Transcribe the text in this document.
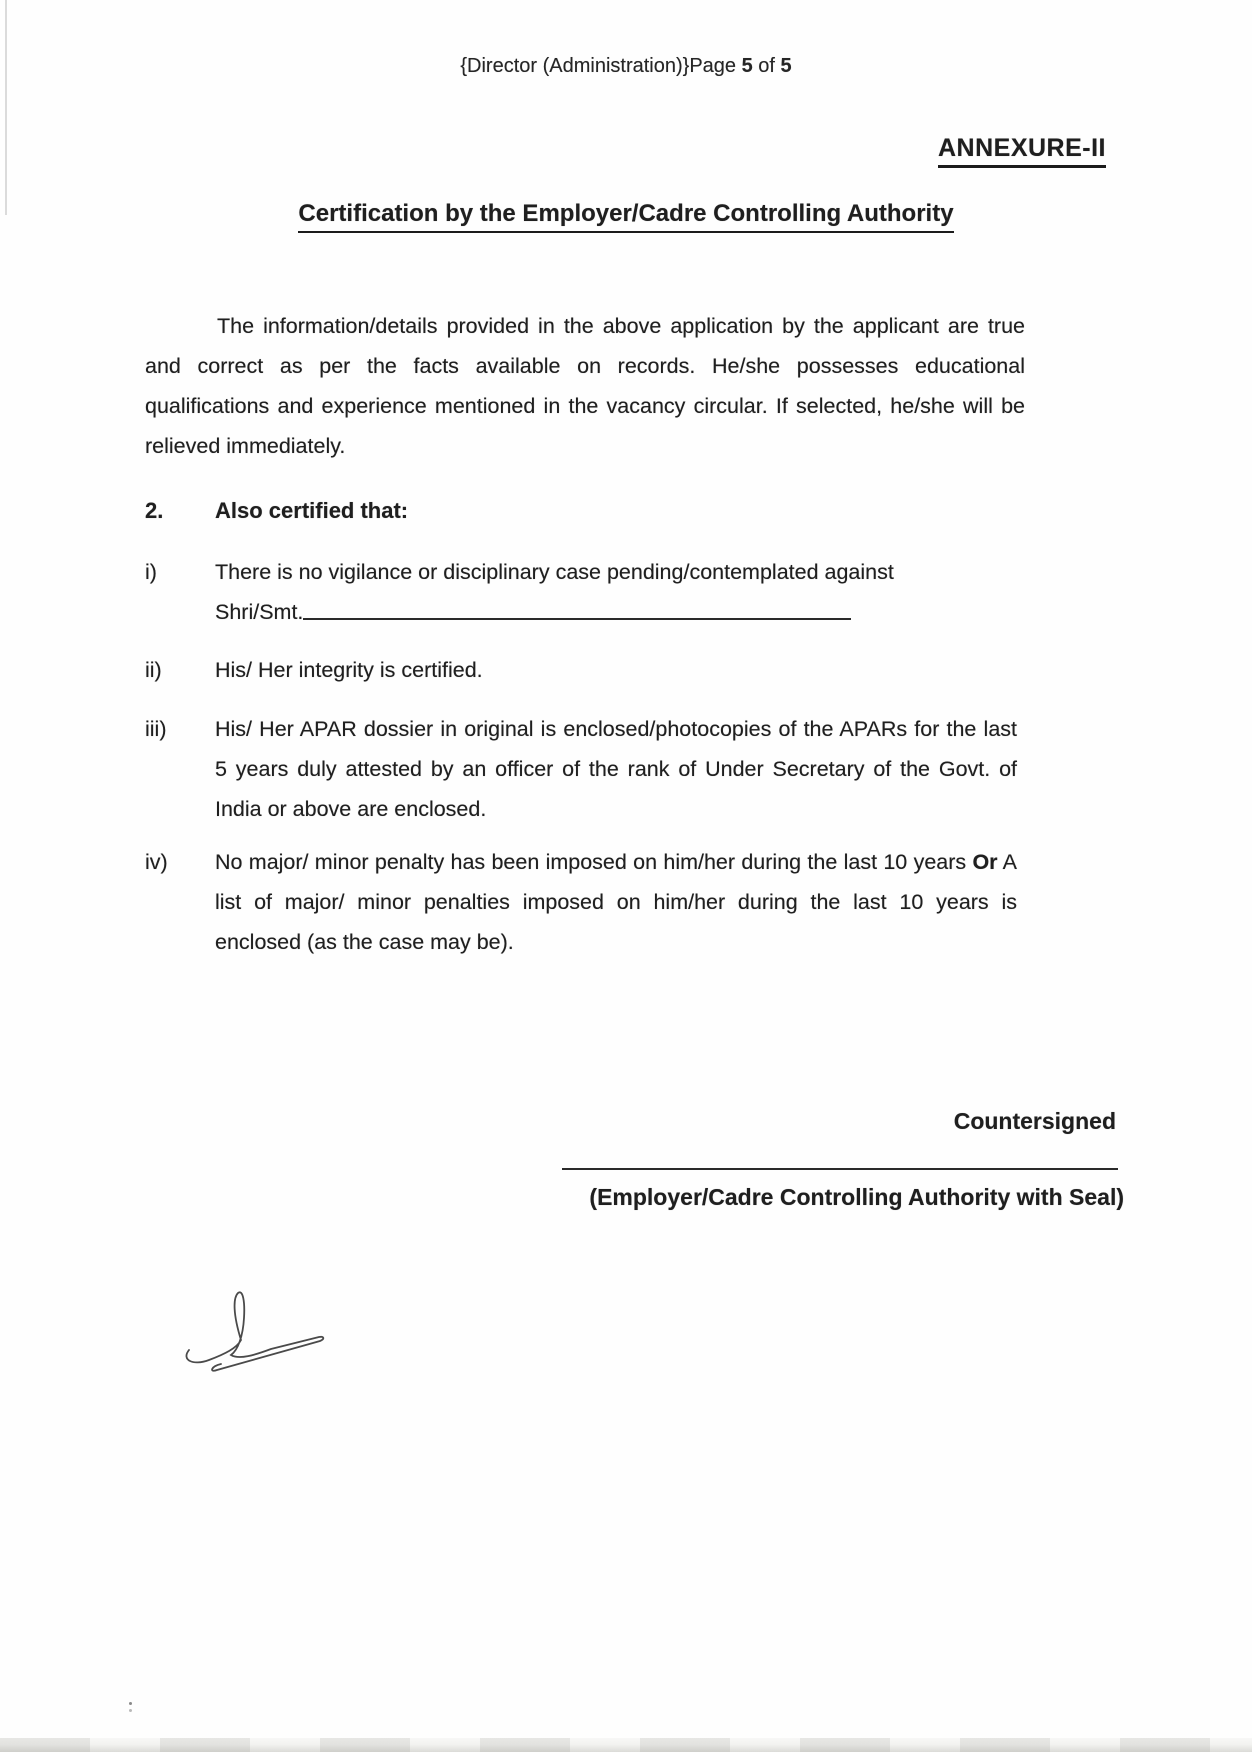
{Director (Administration)}Page 5 of 5
ANNEXURE-II
Certification by the Employer/Cadre Controlling Authority
The information/details provided in the above application by the applicant are true and correct as per the facts available on records. He/she possesses educational qualifications and experience mentioned in the vacancy circular. If selected, he/she will be relieved immediately.
2. Also certified that:
i)	There is no vigilance or disciplinary case pending/contemplated against
Shri/Smt.
ii) His/ Her integrity is certified.
iii) His/ Her APAR dossier in original is enclosed/photocopies of the APARs for the last 5 years duly attested by an officer of the rank of Under Secretary of the Govt. of India or above are enclosed.
iv) No major/ minor penalty has been imposed on him/her during the last 10 years Or A list of major/ minor penalties imposed on him/her during the last 10 years is enclosed (as the case may be).
Countersigned
(Employer/Cadre Controlling Authority with Seal)
